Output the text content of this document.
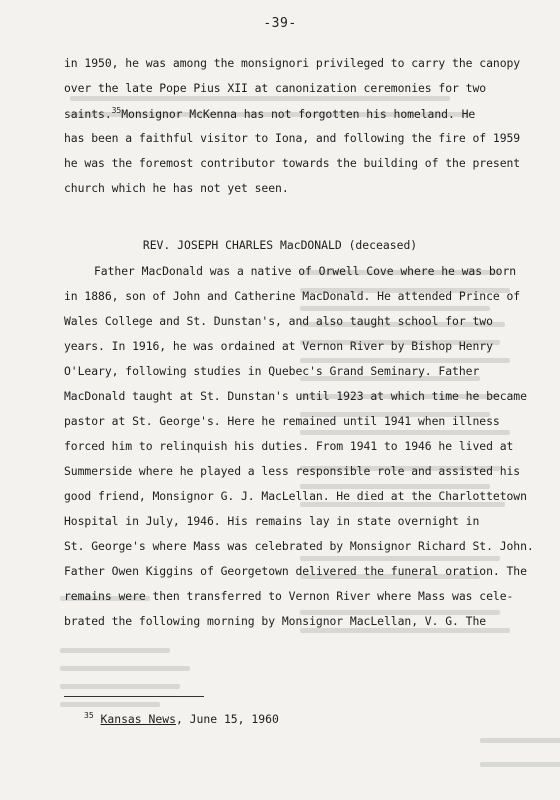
-39-
in 1950, he was among the monsignori privileged to carry the canopy
over the late Pope Pius XII at canonization ceremonies for two
saints.$^{35}$Monsignor McKenna has not forgotten his homeland. He
has been a faithful visitor to Iona, and following the fire of 1959
he was the foremost contributor towards the building of the present
church which he has not yet seen.
REV. JOSEPH CHARLES MacDONALD (deceased)
Father MacDonald was a native of Orwell Cove where he was born
in 1886, son of John and Catherine MacDonald. He attended Prince of
Wales College and St. Dunstan's, and also taught school for two
years. In 1916, he was ordained at Vernon River by Bishop Henry
O'Leary, following studies in Quebec's Grand Seminary. Father
MacDonald taught at St. Dunstan's until 1923 at which time he became
pastor at St. George's. Here he remained until 1941 when illness
forced him to relinquish his duties. From 1941 to 1946 he lived at
Summerside where he played a less responsible role and assisted his
good friend, Monsignor G. J. MacLellan. He died at the Charlottetown
Hospital in July, 1946. His remains lay in state overnight in
St. George's where Mass was celebrated by Monsignor Richard St. John.
Father Owen Kiggins of Georgetown delivered the funeral oration. The
remains were then transferred to Vernon River where Mass was cele-
brated the following morning by Monsignor MacLellan, V. G. The
$^{35}$ Kansas News, June 15, 1960
